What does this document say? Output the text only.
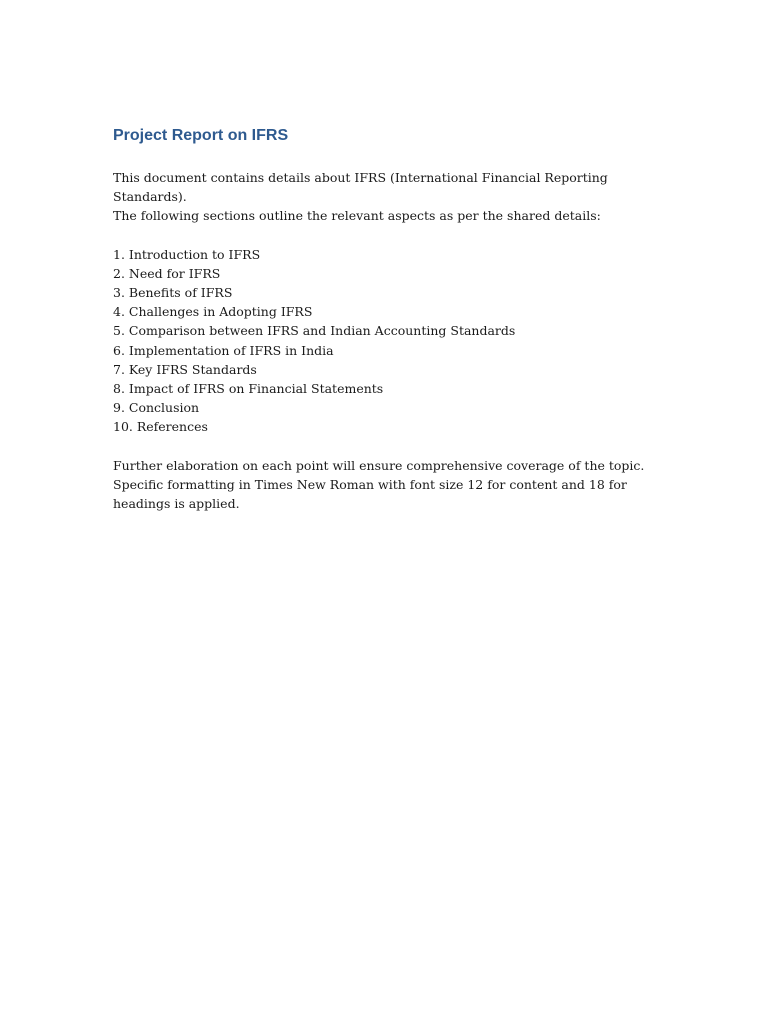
Project Report on IFRS

This document contains details about IFRS (International Financial Reporting Standards).

The following sections outline the relevant aspects as per the shared details:

1. Introduction to IFRS
2. Need for IFRS
3. Benefits of IFRS
4. Challenges in Adopting IFRS
5. Comparison between IFRS and Indian Accounting Standards
6. Implementation of IFRS in India
7. Key IFRS Standards
8. Impact of IFRS on Financial Statements
9. Conclusion
10. References

Further elaboration on each point will ensure comprehensive coverage of the topic.

Specific formatting in Times New Roman with font size 12 for content and 18 for headings is applied.
